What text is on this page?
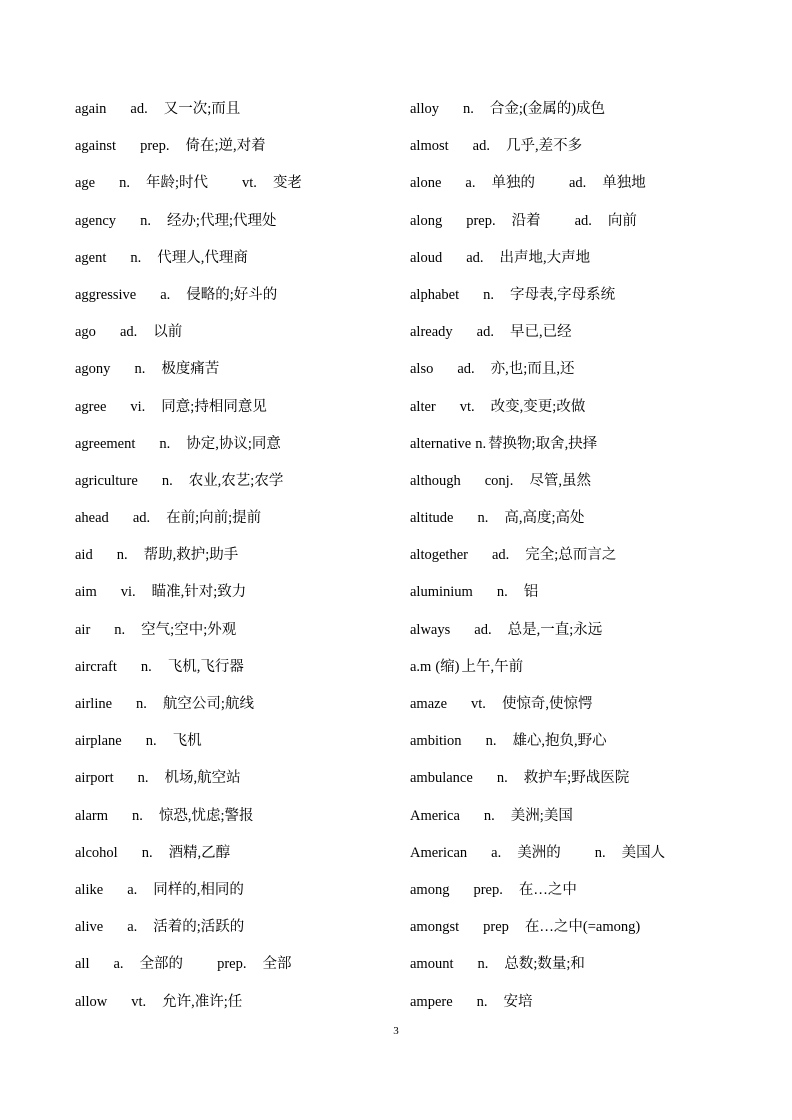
again ad. 又一次;而且
against prep. 倚在;逆,对着
age n. 年龄;时代 vt. 变老
agency n. 经办;代理;代理处
agent n. 代理人,代理商
aggressive a. 侵略的;好斗的
ago ad. 以前
agony n. 极度痛苦
agree vi. 同意;持相同意见
agreement n. 协定,协议;同意
agriculture n. 农业,农艺;农学
ahead ad. 在前;向前;提前
aid n. 帮助,救护;助手
aim vi. 瞄准,针对;致力
air n. 空气;空中;外观
aircraft n. 飞机,飞行器
airline n. 航空公司;航线
airplane n. 飞机
airport n. 机场,航空站
alarm n. 惊恐,忧虑;警报
alcohol n. 酒精,乙醇
alike a. 同样的,相同的
alive a. 活着的;活跃的
all a. 全部的 prep. 全部
allow vt. 允许,准许;任
alloy n. 合金;(金属的)成色
almost ad. 几乎,差不多
alone a. 单独的 ad. 单独地
along prep. 沿着 ad. 向前
aloud ad. 出声地,大声地
alphabet n. 字母表,字母系统
already ad. 早已,已经
also ad. 亦,也;而且,还
alter vt. 改变,变更;改做
alternative n. 替换物;取舍,抉择
although conj. 尽管,虽然
altitude n. 高,高度;高处
altogether ad. 完全;总而言之
aluminium n. 铝
always ad. 总是,一直;永远
a.m (缩) 上午,午前
amaze vt. 使惊奇,使惊愕
ambition n. 雄心,抱负,野心
ambulance n. 救护车;野战医院
America n. 美洲;美国
American a. 美洲的 n. 美国人
among prep. 在…之中
amongst prep 在…之中(=among)
amount n. 总数;数量;和
ampere n. 安培
3
